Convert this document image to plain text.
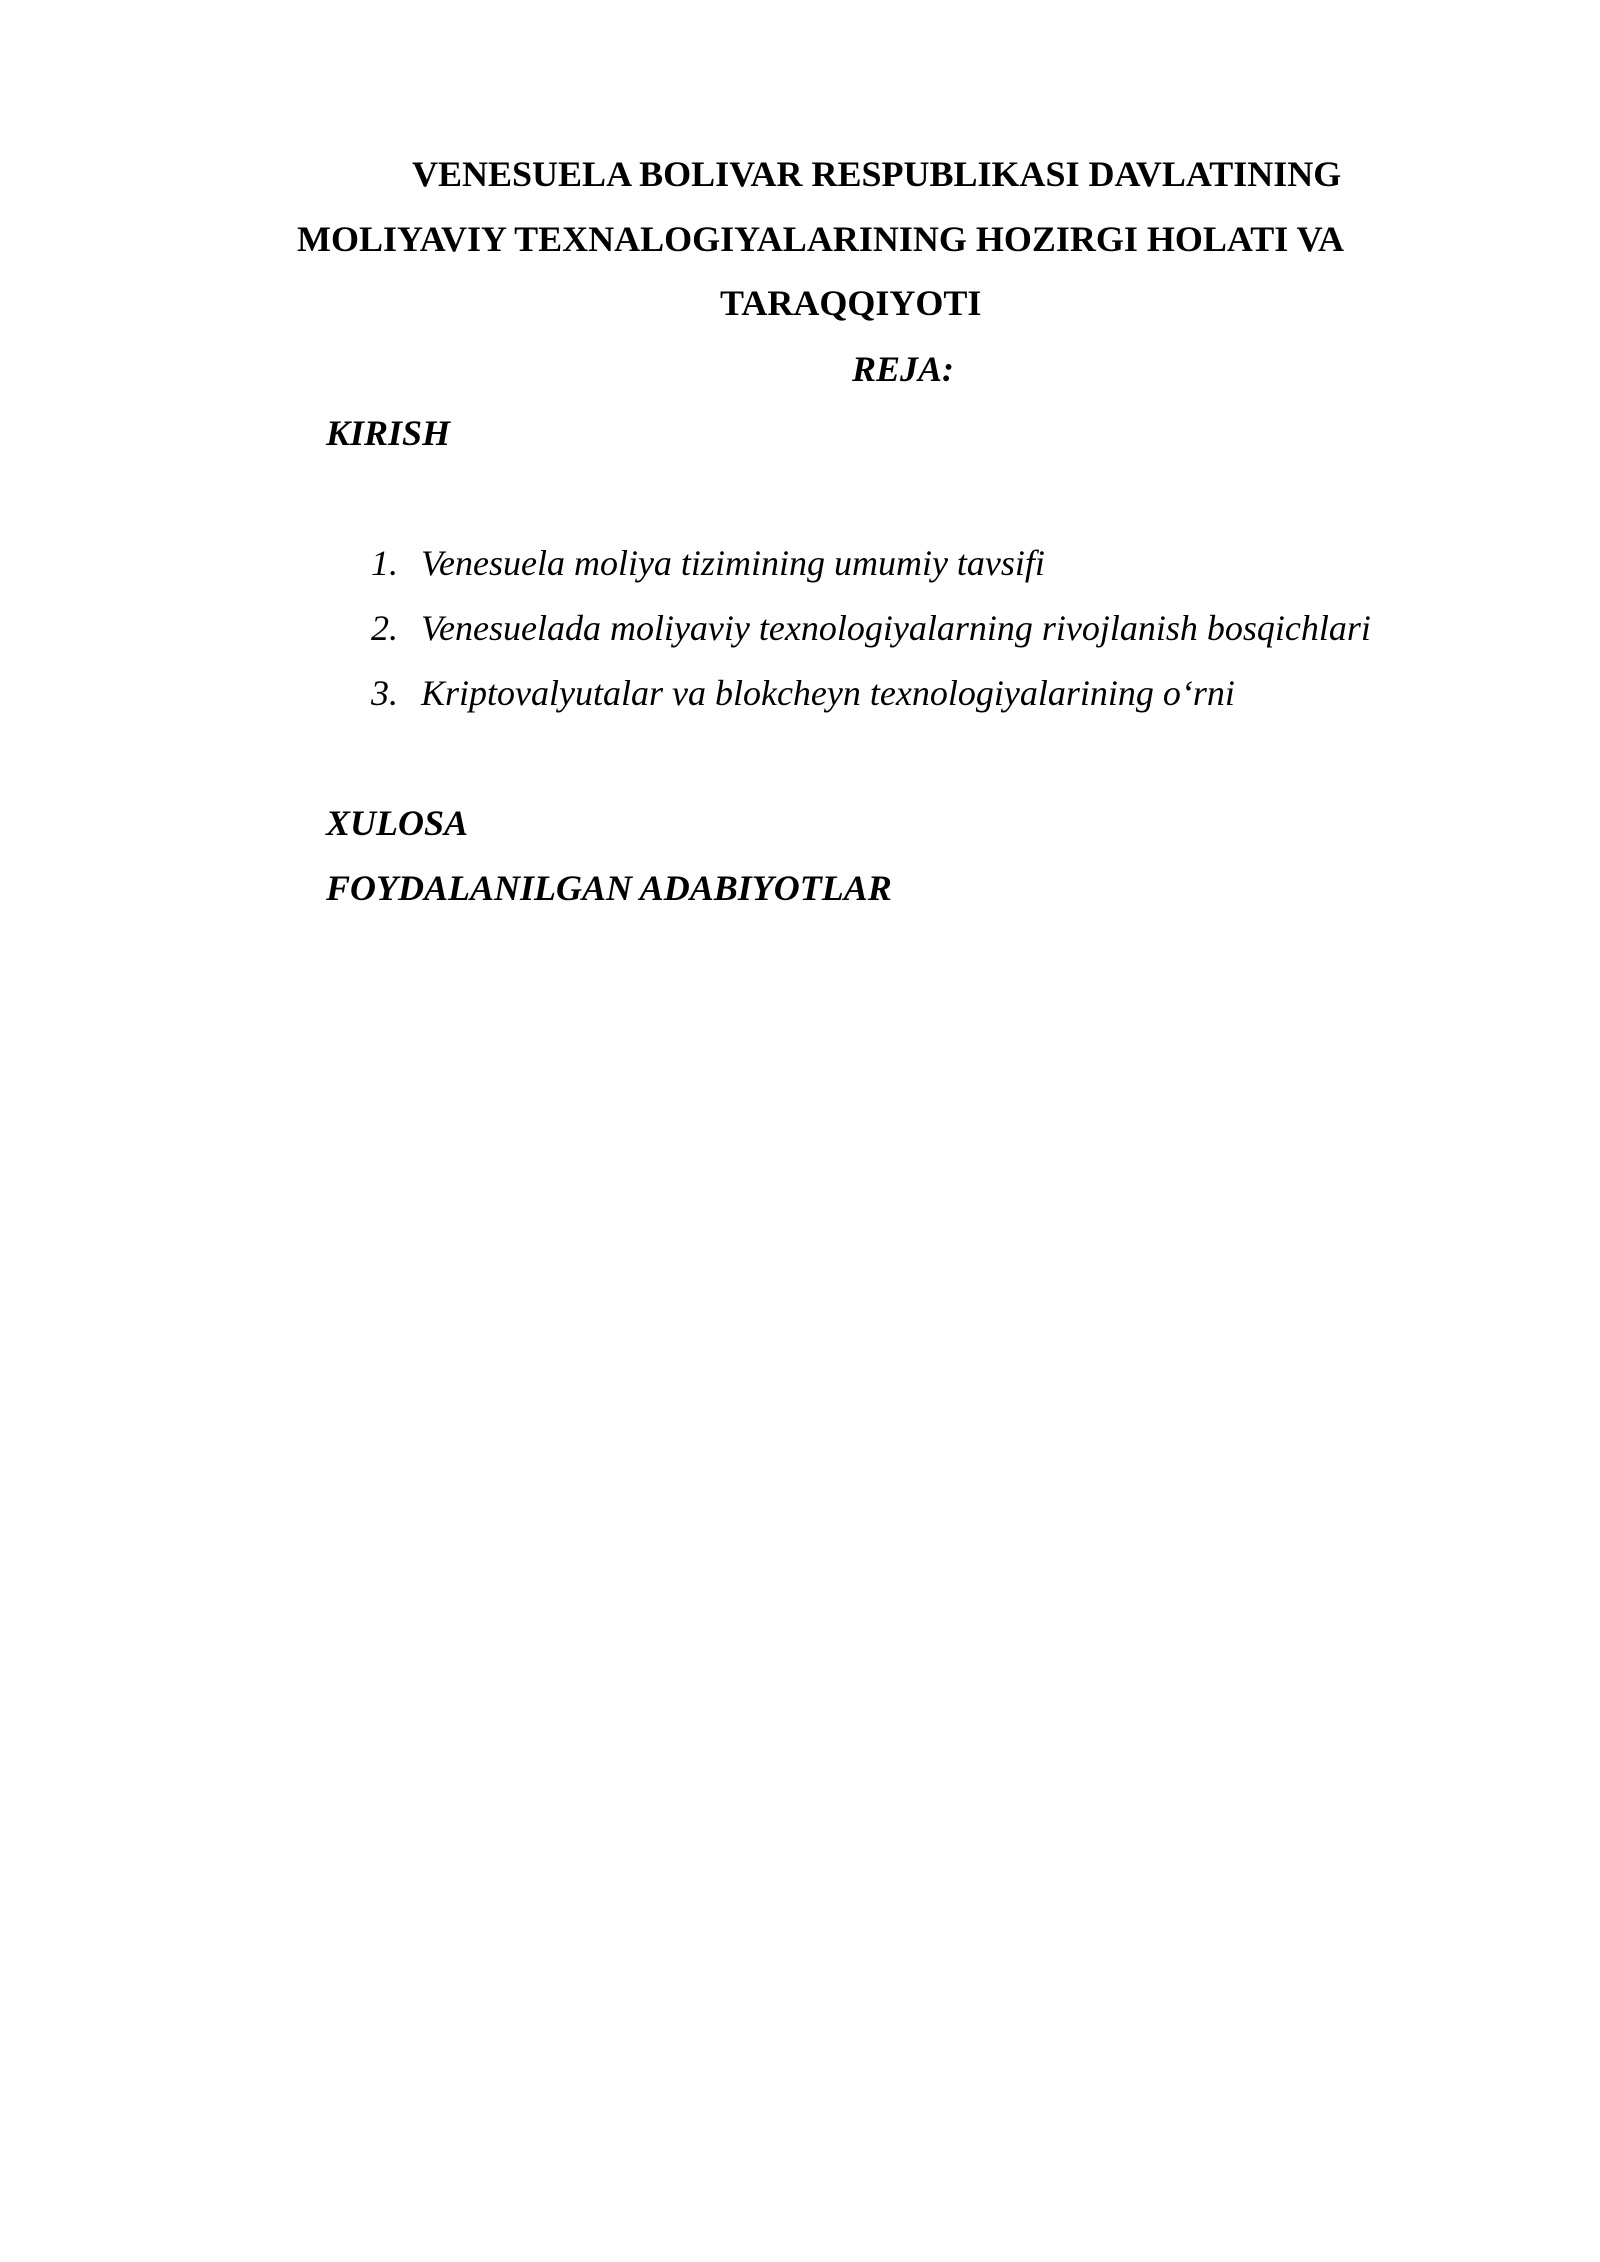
VENESUELA BOLIVAR RESPUBLIKASI DAVLATINING
MOLIYAVIY TEXNALOGIYALARINING HOZIRGI HOLATI VA
TARAQQIYOTI
REJA:
KIRISH
1. Venesuela moliya tizimining umumiy tavsifi
2. Venesuelada moliyaviy texnologiyalarning rivojlanish bosqichlari
3. Kriptovalyutalar va blokcheyn texnologiyalarining o‘rni
XULOSA
FOYDALANILGAN ADABIYOTLAR
